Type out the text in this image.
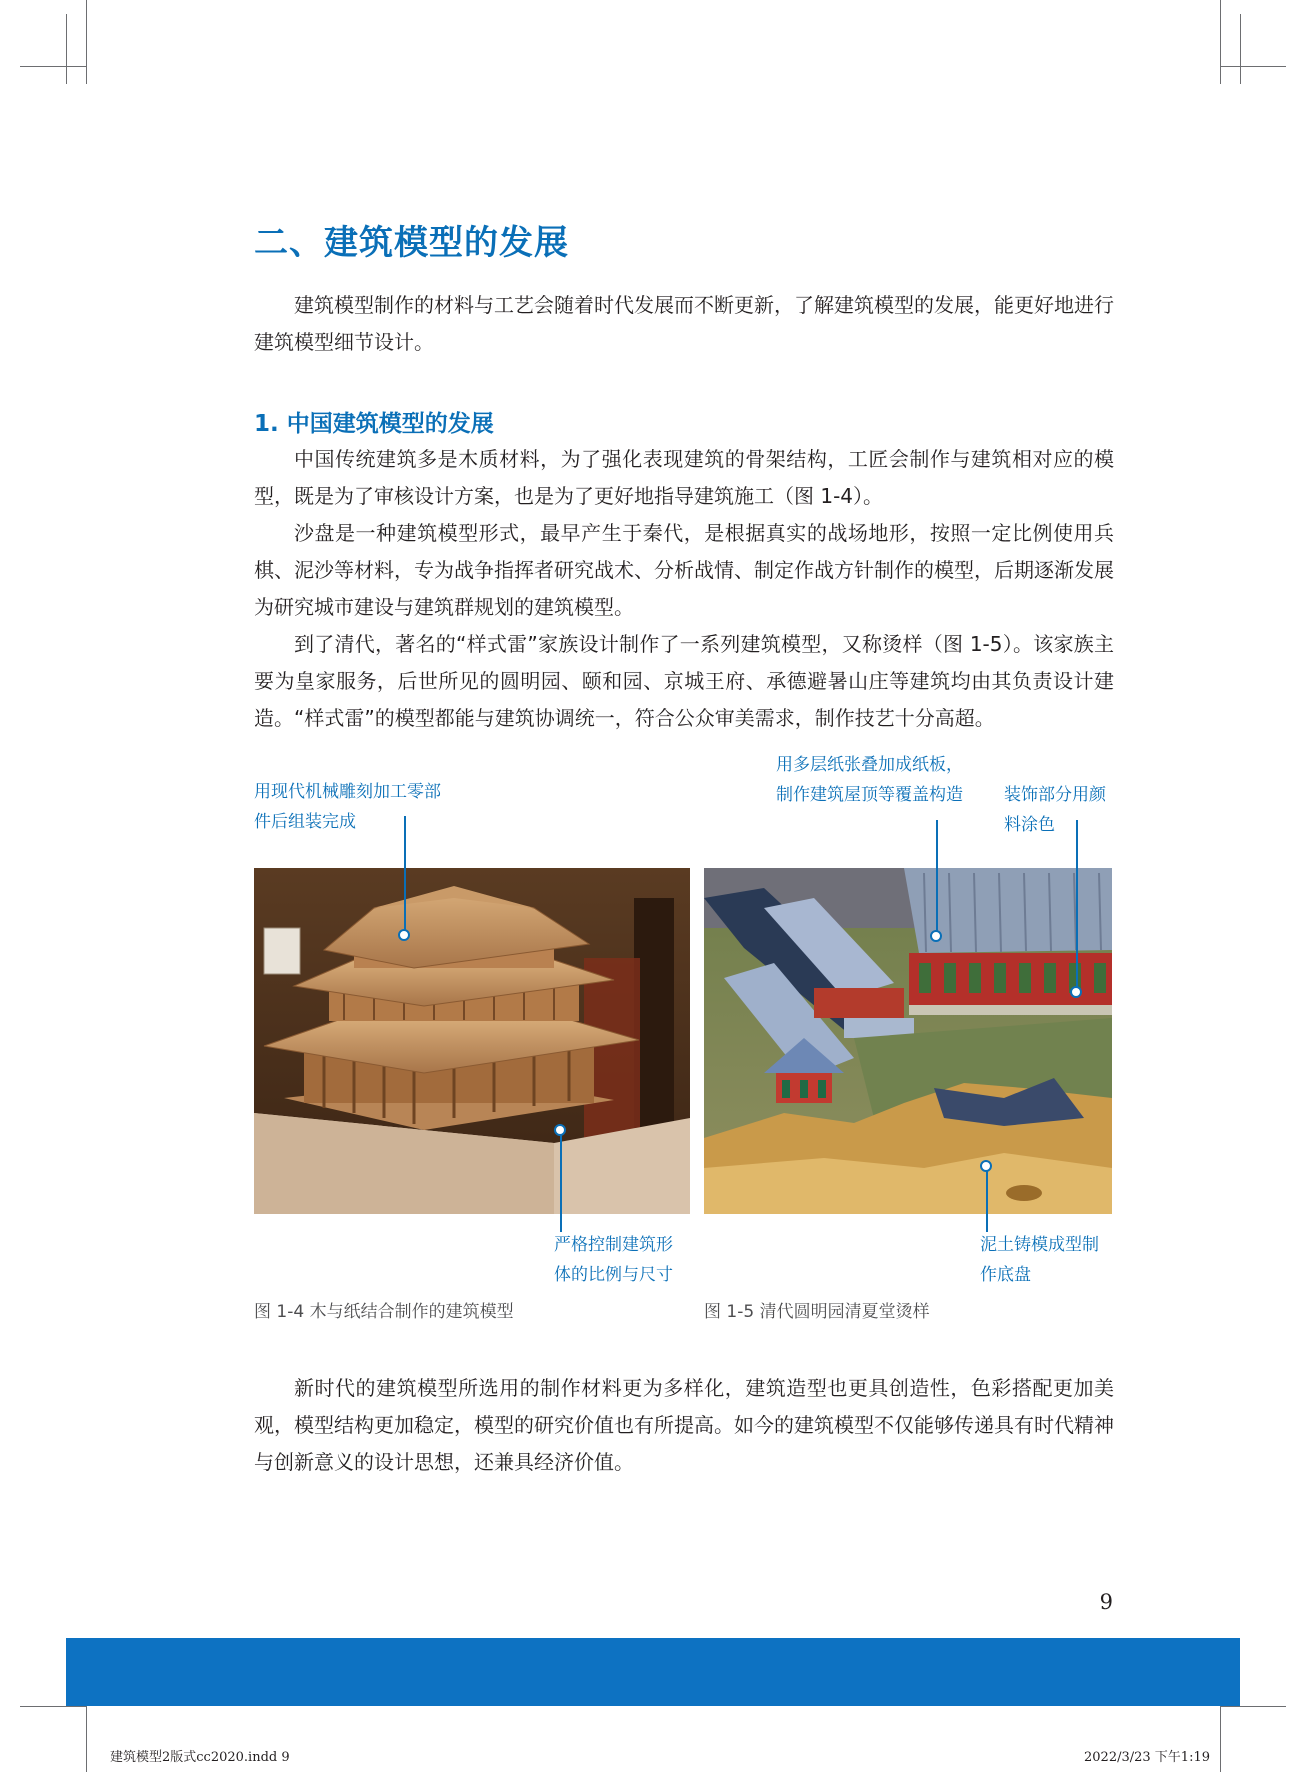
二、建筑模型的发展

建筑模型制作的材料与工艺会随着时代发展而不断更新，了解建筑模型的发展，能更好地进行建筑模型细节设计。

1. 中国建筑模型的发展

中国传统建筑多是木质材料，为了强化表现建筑的骨架结构，工匠会制作与建筑相对应的模型，既是为了审核设计方案，也是为了更好地指导建筑施工（图 1-4）。

沙盘是一种建筑模型形式，最早产生于秦代，是根据真实的战场地形，按照一定比例使用兵棋、泥沙等材料，专为战争指挥者研究战术、分析战情、制定作战方针制作的模型，后期逐渐发展为研究城市建设与建筑群规划的建筑模型。

到了清代，著名的“样式雷”家族设计制作了一系列建筑模型，又称烫样（图 1-5）。该家族主要为皇家服务，后世所见的圆明园、颐和园、京城王府、承德避暑山庄等建筑均由其负责设计建造。“样式雷”的模型都能与建筑协调统一，符合公众审美需求，制作技艺十分高超。

用现代机械雕刻加工零部
件后组装完成
严格控制建筑形
体的比例与尺寸
用多层纸张叠加成纸板，
制作建筑屋顶等覆盖构造 装饰部分用颜
料涂色
泥土铸模成型制
作底盘
图 1-4 木与纸结合制作的建筑模型	图 1-5 清代圆明园清夏堂烫样

新时代的建筑模型所选用的制作材料更为多样化，建筑造型也更具创造性，色彩搭配更加美观，模型结构更加稳定，模型的研究价值也有所提高。如今的建筑模型不仅能够传递具有时代精神与创新意义的设计思想，还兼具经济价值。

9
建筑模型2版式cc2020.indd 9	2022/3/23 下午1:19
